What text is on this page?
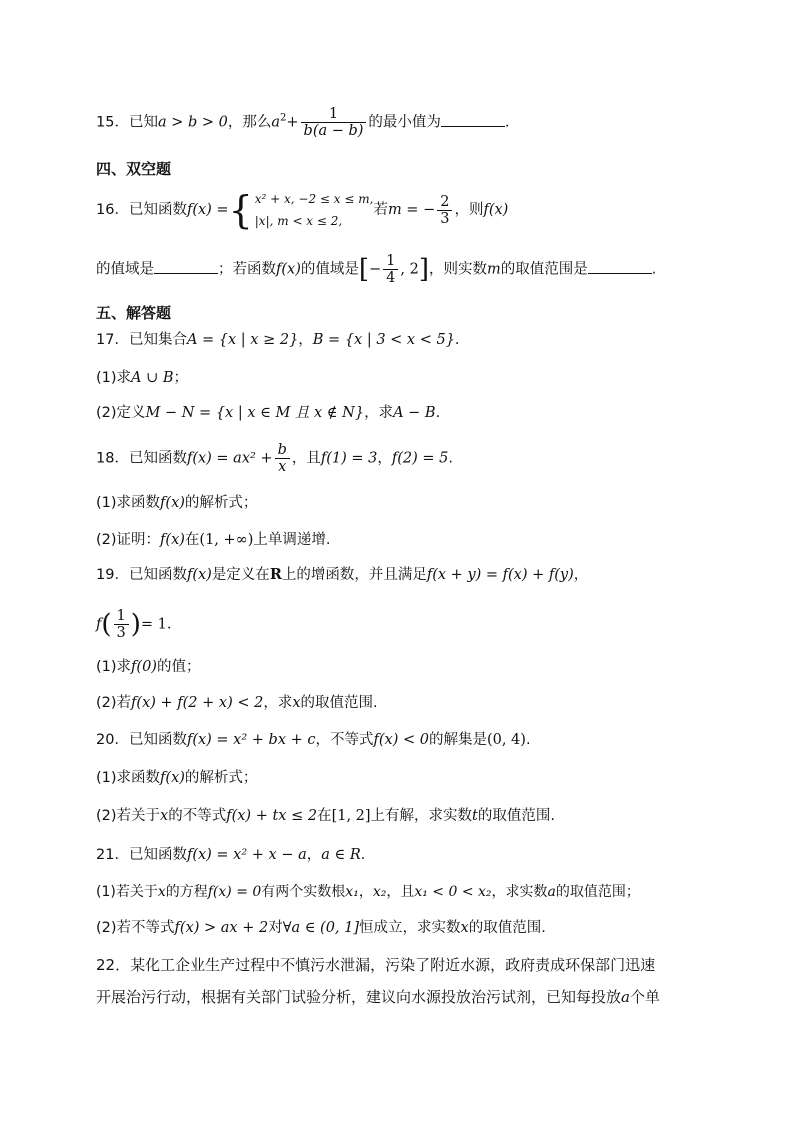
15．已知a > b > 0，那么$a^2+ \frac{1}{b(a - b)}$ 的最小值为	.
四、双空题
16．已知函数f(x) ={ x² + x, −2 ≤ x ≤ m,
|x|, m < x ≤ 2,
若m = − $\frac{2}{3}$ ，则f(x)
的值域是	；若函数f(x)的值域是[− $\frac{1}{4}$ , 2]，则实数m的取值范围是	.
五、解答题
17．已知集合A = {x | x ≥ 2}，B = {x | 3 < x < 5}.
(1)求A ∪ B；
(2)定义M − N = {x | x ∈ M 且 x ∉ N}，求A − B.
18．已知函数$f(x) = ax^2 + \frac{b}{x}$ ，且f(1) = 3，f(2) = 5.
(1)求函数f(x)的解析式；
(2)证明：f(x)在(1, +∞)上单调递增.
19．已知函数f(x)是定义在R上的增函数，并且满足f(x + y) = f(x) + f(y)，
$f( \frac{1}{3}$ )= 1.
(1)求f(0)的值；
(2)若f(x) + f(2 + x) < 2，求x的取值范围.
20．已知函数f(x) = x² + bx + c，不等式f(x) < 0的解集是(0, 4).
(1)求函数f(x)的解析式；
(2)若关于x的不等式f(x) + tx ≤ 2在[1, 2]上有解，求实数t的取值范围.
21．已知函数f(x) = x² + x − a，a ∈ R.
(1)若关于x的方程f(x) = 0有两个实数根x₁，x₂，且x₁ < 0 < x₂，求实数a的取值范围；
(2)若不等式f(x) > ax + 2对∀a ∈ (0, 1]恒成立，求实数x的取值范围.
22．某化工企业生产过程中不慎污水泄漏，污染了附近水源，政府责成环保部门迅速
开展治污行动，根据有关部门试验分析，建议向水源投放治污试剂，已知每投放a个单
